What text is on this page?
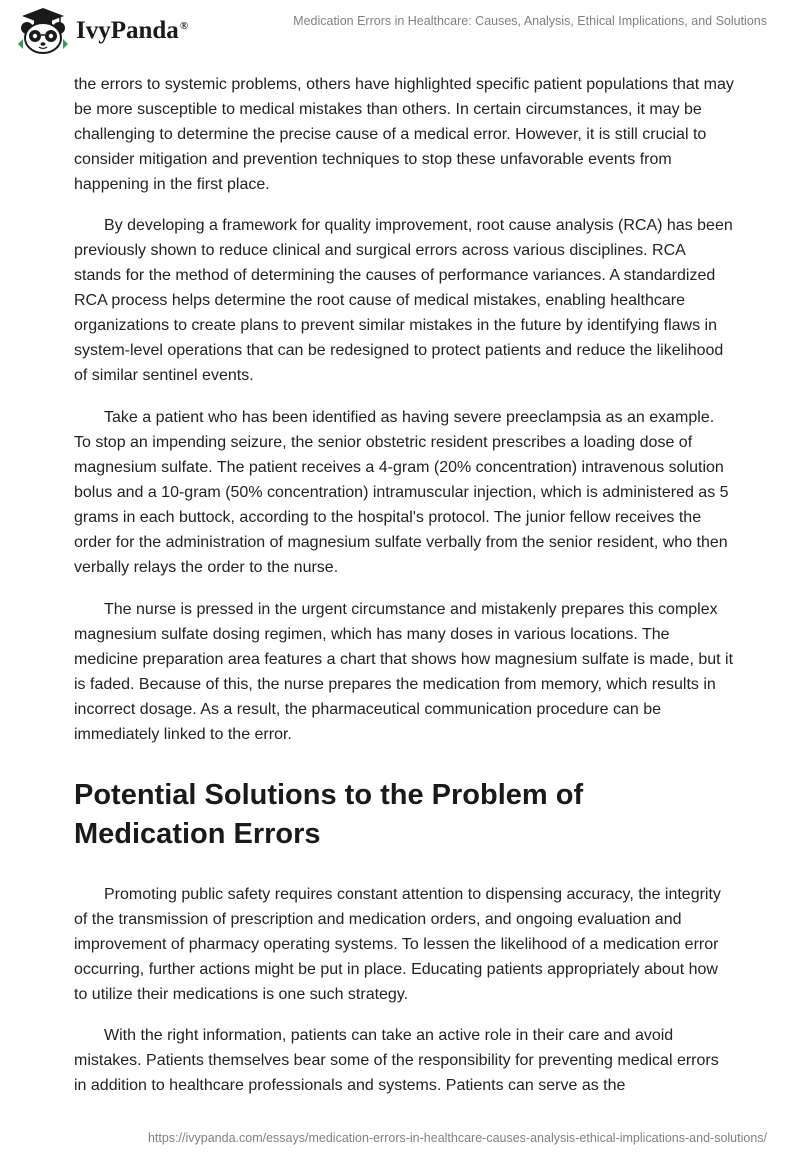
IvyPanda®	Medication Errors in Healthcare: Causes, Analysis, Ethical Implications, and Solutions

the errors to systemic problems, others have highlighted specific patient populations that may be more susceptible to medical mistakes than others. In certain circumstances, it may be challenging to determine the precise cause of a medical error. However, it is still crucial to consider mitigation and prevention techniques to stop these unfavorable events from happening in the first place.

By developing a framework for quality improvement, root cause analysis (RCA) has been previously shown to reduce clinical and surgical errors across various disciplines. RCA stands for the method of determining the causes of performance variances. A standardized RCA process helps determine the root cause of medical mistakes, enabling healthcare organizations to create plans to prevent similar mistakes in the future by identifying flaws in system-level operations that can be redesigned to protect patients and reduce the likelihood of similar sentinel events.

Take a patient who has been identified as having severe preeclampsia as an example. To stop an impending seizure, the senior obstetric resident prescribes a loading dose of magnesium sulfate. The patient receives a 4-gram (20% concentration) intravenous solution bolus and a 10-gram (50% concentration) intramuscular injection, which is administered as 5 grams in each buttock, according to the hospital's protocol. The junior fellow receives the order for the administration of magnesium sulfate verbally from the senior resident, who then verbally relays the order to the nurse.

The nurse is pressed in the urgent circumstance and mistakenly prepares this complex magnesium sulfate dosing regimen, which has many doses in various locations. The medicine preparation area features a chart that shows how magnesium sulfate is made, but it is faded. Because of this, the nurse prepares the medication from memory, which results in incorrect dosage. As a result, the pharmaceutical communication procedure can be immediately linked to the error.

Potential Solutions to the Problem of Medication Errors

Promoting public safety requires constant attention to dispensing accuracy, the integrity of the transmission of prescription and medication orders, and ongoing evaluation and improvement of pharmacy operating systems. To lessen the likelihood of a medication error occurring, further actions might be put in place. Educating patients appropriately about how to utilize their medications is one such strategy.

With the right information, patients can take an active role in their care and avoid mistakes. Patients themselves bear some of the responsibility for preventing medical errors in addition to healthcare professionals and systems. Patients can serve as the

https://ivypanda.com/essays/medication-errors-in-healthcare-causes-analysis-ethical-implications-and-solutions/
